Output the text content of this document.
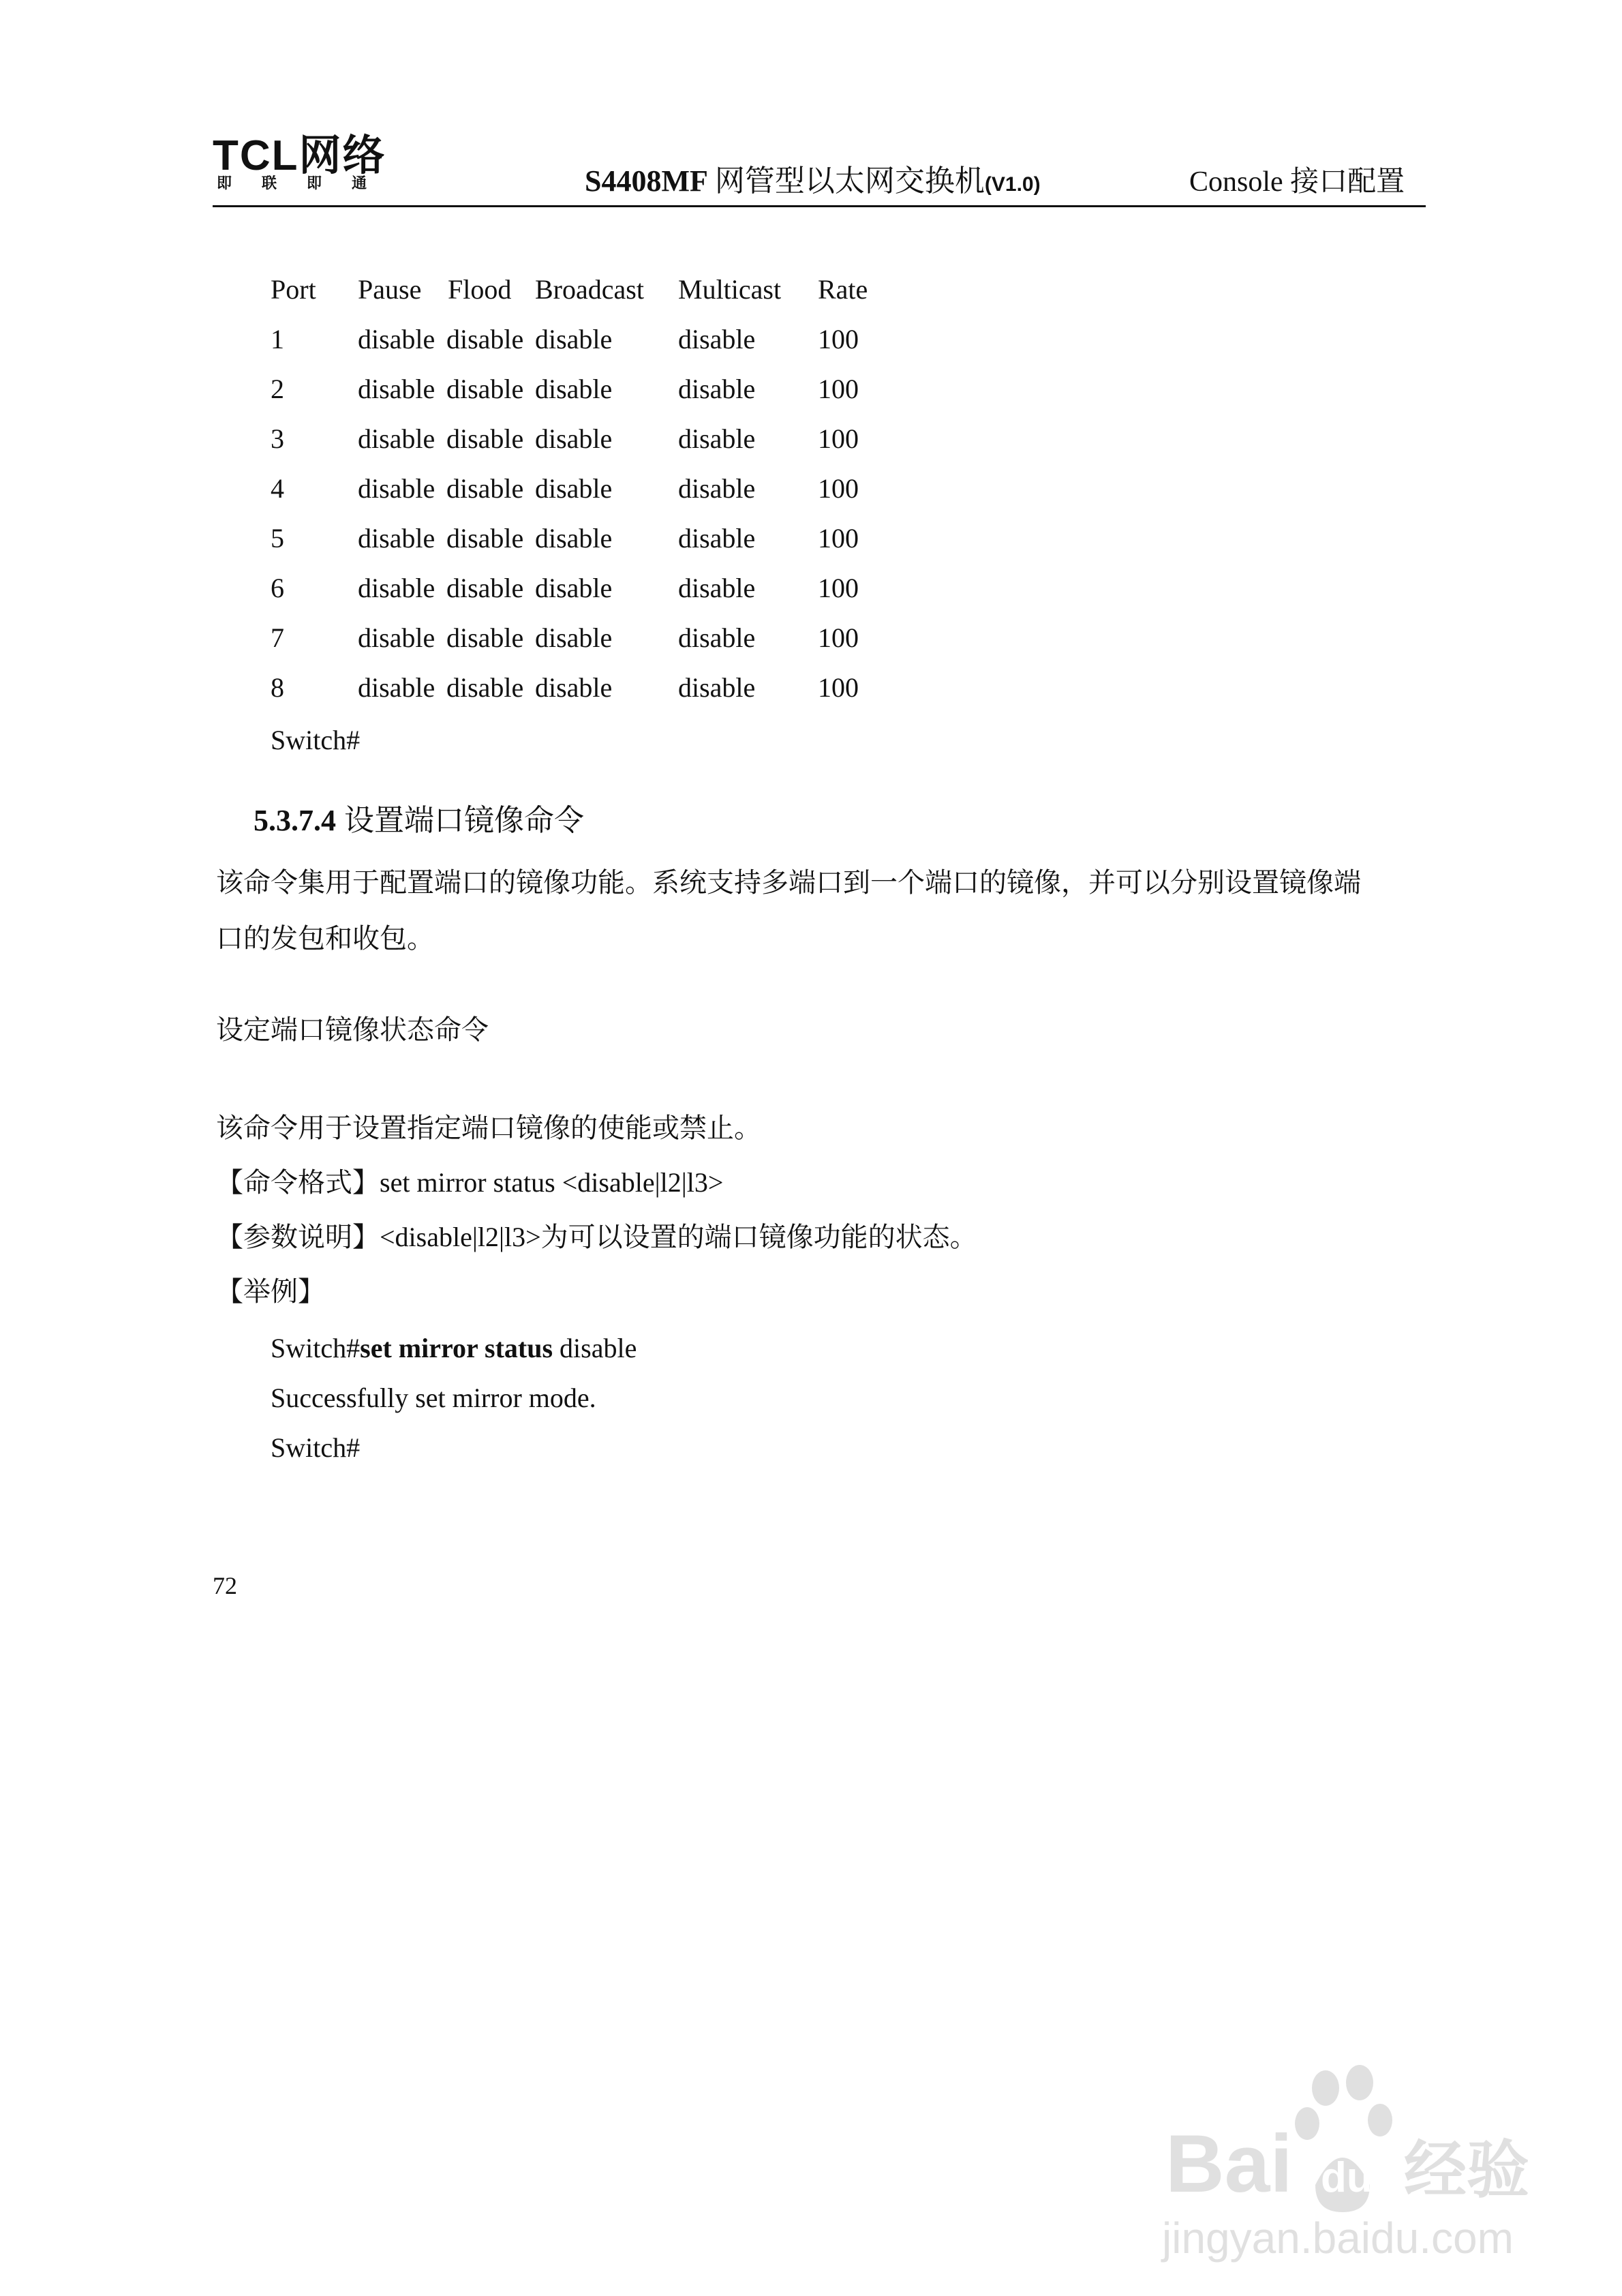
TCL网络
即 联 即 通	S4408MF 网管型以太网交换机(V1.0)	Console 接口配置
Port Pause Flood Broadcast Multicast Rate
1	disable disable disable disable 100
2	disable disable disable disable 100
3	disable disable disable disable 100
4	disable disable disable disable 100
5	disable disable disable disable 100
6	disable disable disable disable 100
7	disable disable disable disable 100
8	disable disable disable disable 100
Switch#
5.3.7.4 设置端口镜像命令
该命令集用于配置端口的镜像功能。系统支持多端口到一个端口的镜像，并可以分别设置镜像端
口的发包和收包。
设定端口镜像状态命令
该命令用于设置指定端口镜像的使能或禁止。
【命令格式】set mirror status <disable|l2|l3>
【参数说明】<disable|l2|l3>为可以设置的端口镜像功能的状态。
【举例】
Switch#set mirror status disable
Successfully set mirror mode.
Switch#
72
Bai du 经验
jingyan.baidu.com
